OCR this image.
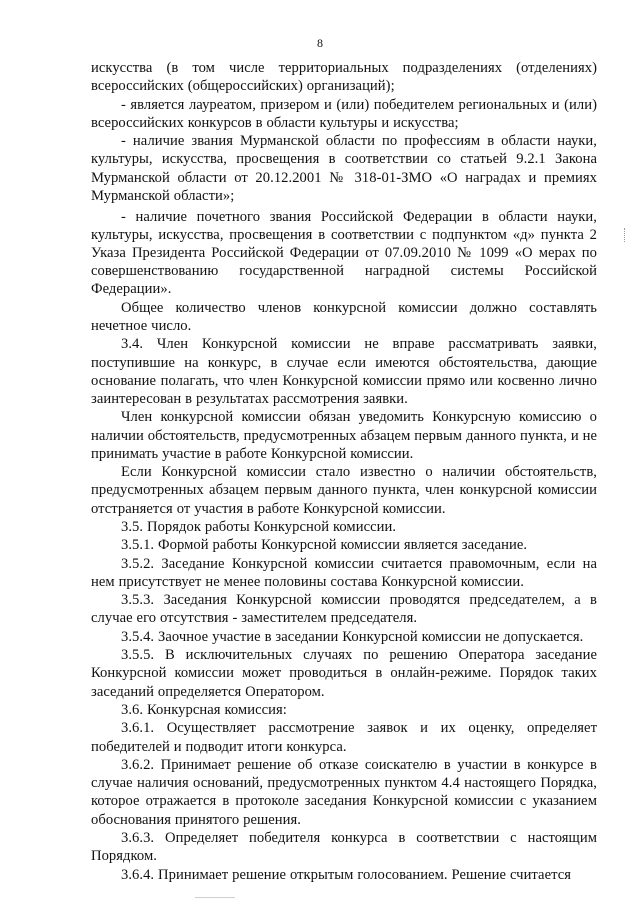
8

искусства (в том числе территориальных подразделениях (отделениях) всероссийских (общероссийских) организаций);

- является лауреатом, призером и (или) победителем региональных и (или) всероссийских конкурсов в области культуры и искусства;

- наличие звания Мурманской области по профессиям в области науки, культуры, искусства, просвещения в соответствии со статьей 9.2.1 Закона Мурманской области от 20.12.2001 № 318-01-ЗМО «О наградах и премиях Мурманской области»;

- наличие почетного звания Российской Федерации в области науки, культуры, искусства, просвещения в соответствии с подпунктом «д» пункта 2 Указа Президента Российской Федерации от 07.09.2010 № 1099 «О мерах по совершенствованию государственной наградной системы Российской Федерации».

Общее количество членов конкурсной комиссии должно составлять нечетное число.

3.4. Член Конкурсной комиссии не вправе рассматривать заявки, поступившие на конкурс, в случае если имеются обстоятельства, дающие основание полагать, что член Конкурсной комиссии прямо или косвенно лично заинтересован в результатах рассмотрения заявки.

Член конкурсной комиссии обязан уведомить Конкурсную комиссию о наличии обстоятельств, предусмотренных абзацем первым данного пункта, и не принимать участие в работе Конкурсной комиссии.

Если Конкурсной комиссии стало известно о наличии обстоятельств, предусмотренных абзацем первым данного пункта, член конкурсной комиссии отстраняется от участия в работе Конкурсной комиссии.

3.5. Порядок работы Конкурсной комиссии.

3.5.1. Формой работы Конкурсной комиссии является заседание.

3.5.2. Заседание Конкурсной комиссии считается правомочным, если на нем присутствует не менее половины состава Конкурсной комиссии.

3.5.3. Заседания Конкурсной комиссии проводятся председателем, а в случае его отсутствия - заместителем председателя.

3.5.4. Заочное участие в заседании Конкурсной комиссии не допускается.

3.5.5. В исключительных случаях по решению Оператора заседание Конкурсной комиссии может проводиться в онлайн-режиме. Порядок таких заседаний определяется Оператором.

3.6. Конкурсная комиссия:

3.6.1. Осуществляет рассмотрение заявок и их оценку, определяет победителей и подводит итоги конкурса.

3.6.2. Принимает решение об отказе соискателю в участии в конкурсе в случае наличия оснований, предусмотренных пунктом 4.4 настоящего Порядка, которое отражается в протоколе заседания Конкурсной комиссии с указанием обоснования принятого решения.

3.6.3. Определяет победителя конкурса в соответствии с настоящим Порядком.

3.6.4. Принимает решение открытым голосованием. Решение считается
